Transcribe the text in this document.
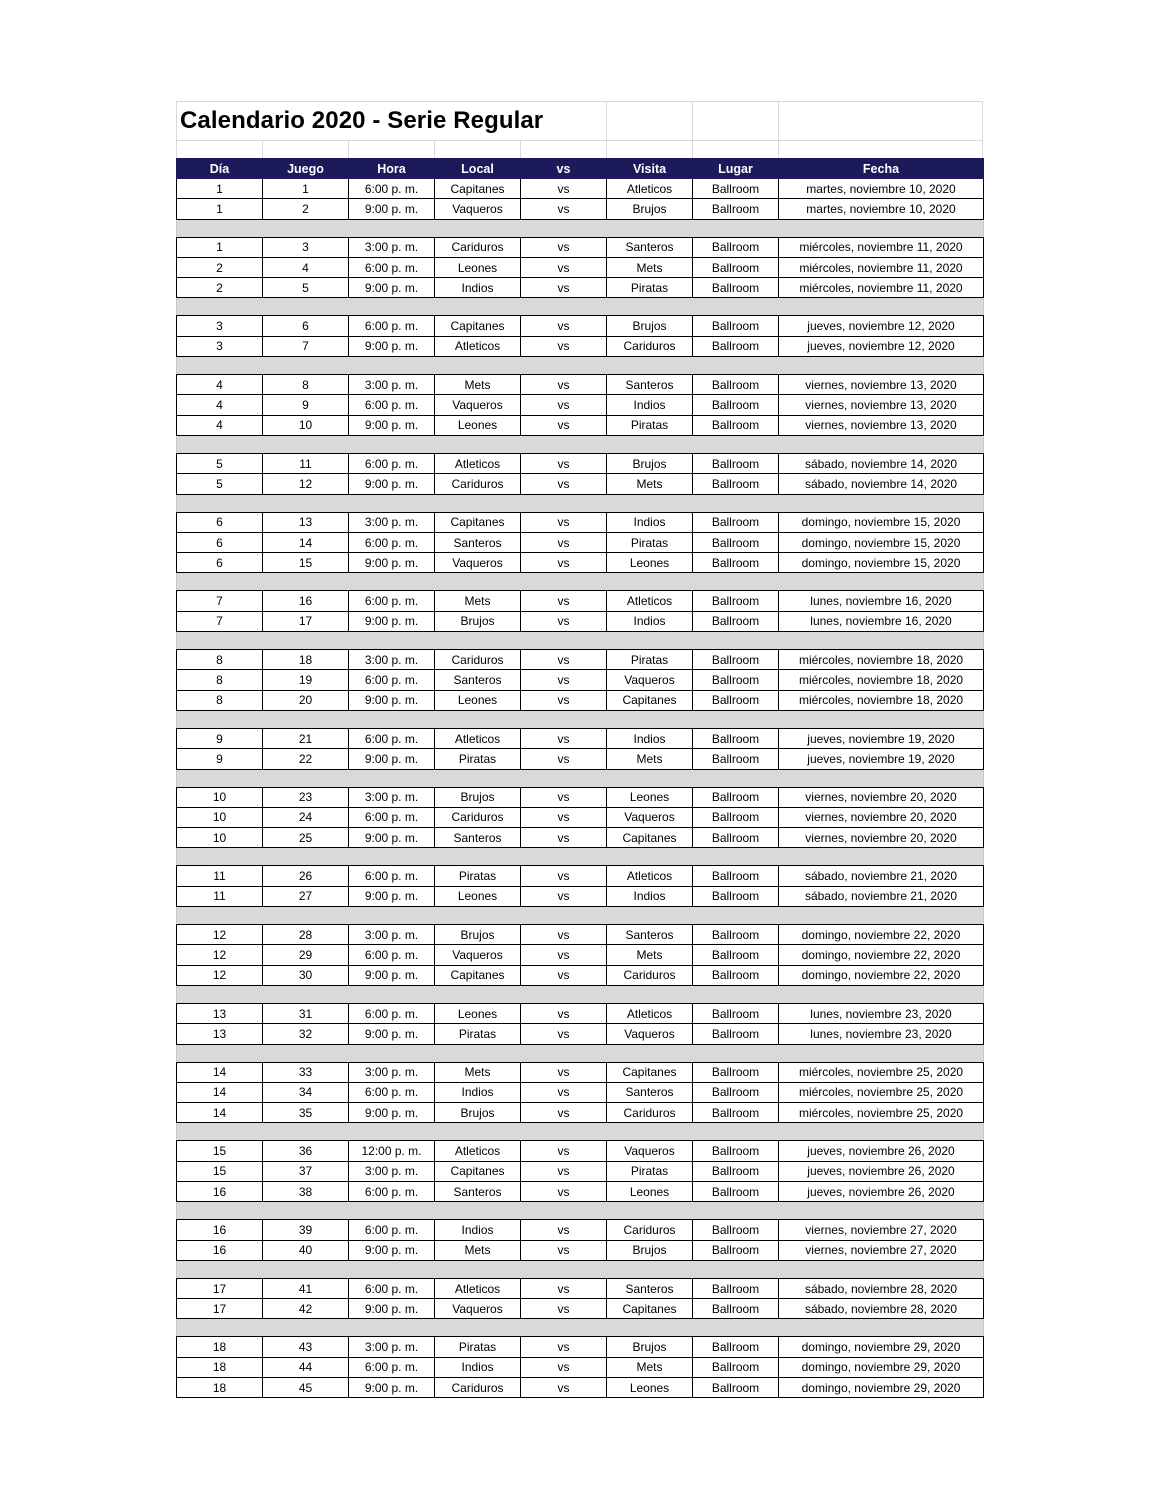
Calendario 2020 - Serie Regular
Día	Juego	Hora	Local	vs	Visita	Lugar	Fecha
1	1	6:00 p. m.	Capitanes	vs	Atleticos	Ballroom	martes, noviembre 10, 2020
1	2	9:00 p. m.	Vaqueros	vs	Brujos	Ballroom	martes, noviembre 10, 2020

1	3	3:00 p. m.	Cariduros	vs	Santeros	Ballroom	miércoles, noviembre 11, 2020
2	4	6:00 p. m.	Leones	vs	Mets	Ballroom	miércoles, noviembre 11, 2020
2	5	9:00 p. m.	Indios	vs	Piratas	Ballroom	miércoles, noviembre 11, 2020

3	6	6:00 p. m.	Capitanes	vs	Brujos	Ballroom	jueves, noviembre 12, 2020
3	7	9:00 p. m.	Atleticos	vs	Cariduros	Ballroom	jueves, noviembre 12, 2020

4	8	3:00 p. m.	Mets	vs	Santeros	Ballroom	viernes, noviembre 13, 2020
4	9	6:00 p. m.	Vaqueros	vs	Indios	Ballroom	viernes, noviembre 13, 2020
4	10	9:00 p. m.	Leones	vs	Piratas	Ballroom	viernes, noviembre 13, 2020

5	11	6:00 p. m.	Atleticos	vs	Brujos	Ballroom	sábado, noviembre 14, 2020
5	12	9:00 p. m.	Cariduros	vs	Mets	Ballroom	sábado, noviembre 14, 2020

6	13	3:00 p. m.	Capitanes	vs	Indios	Ballroom	domingo, noviembre 15, 2020
6	14	6:00 p. m.	Santeros	vs	Piratas	Ballroom	domingo, noviembre 15, 2020
6	15	9:00 p. m.	Vaqueros	vs	Leones	Ballroom	domingo, noviembre 15, 2020

7	16	6:00 p. m.	Mets	vs	Atleticos	Ballroom	lunes, noviembre 16, 2020
7	17	9:00 p. m.	Brujos	vs	Indios	Ballroom	lunes, noviembre 16, 2020

8	18	3:00 p. m.	Cariduros	vs	Piratas	Ballroom	miércoles, noviembre 18, 2020
8	19	6:00 p. m.	Santeros	vs	Vaqueros	Ballroom	miércoles, noviembre 18, 2020
8	20	9:00 p. m.	Leones	vs	Capitanes	Ballroom	miércoles, noviembre 18, 2020

9	21	6:00 p. m.	Atleticos	vs	Indios	Ballroom	jueves, noviembre 19, 2020
9	22	9:00 p. m.	Piratas	vs	Mets	Ballroom	jueves, noviembre 19, 2020

10	23	3:00 p. m.	Brujos	vs	Leones	Ballroom	viernes, noviembre 20, 2020
10	24	6:00 p. m.	Cariduros	vs	Vaqueros	Ballroom	viernes, noviembre 20, 2020
10	25	9:00 p. m.	Santeros	vs	Capitanes	Ballroom	viernes, noviembre 20, 2020

11	26	6:00 p. m.	Piratas	vs	Atleticos	Ballroom	sábado, noviembre 21, 2020
11	27	9:00 p. m.	Leones	vs	Indios	Ballroom	sábado, noviembre 21, 2020

12	28	3:00 p. m.	Brujos	vs	Santeros	Ballroom	domingo, noviembre 22, 2020
12	29	6:00 p. m.	Vaqueros	vs	Mets	Ballroom	domingo, noviembre 22, 2020
12	30	9:00 p. m.	Capitanes	vs	Cariduros	Ballroom	domingo, noviembre 22, 2020

13	31	6:00 p. m.	Leones	vs	Atleticos	Ballroom	lunes, noviembre 23, 2020
13	32	9:00 p. m.	Piratas	vs	Vaqueros	Ballroom	lunes, noviembre 23, 2020

14	33	3:00 p. m.	Mets	vs	Capitanes	Ballroom	miércoles, noviembre 25, 2020
14	34	6:00 p. m.	Indios	vs	Santeros	Ballroom	miércoles, noviembre 25, 2020
14	35	9:00 p. m.	Brujos	vs	Cariduros	Ballroom	miércoles, noviembre 25, 2020

15	36	12:00 p. m.	Atleticos	vs	Vaqueros	Ballroom	jueves, noviembre 26, 2020
15	37	3:00 p. m.	Capitanes	vs	Piratas	Ballroom	jueves, noviembre 26, 2020
16	38	6:00 p. m.	Santeros	vs	Leones	Ballroom	jueves, noviembre 26, 2020

16	39	6:00 p. m.	Indios	vs	Cariduros	Ballroom	viernes, noviembre 27, 2020
16	40	9:00 p. m.	Mets	vs	Brujos	Ballroom	viernes, noviembre 27, 2020

17	41	6:00 p. m.	Atleticos	vs	Santeros	Ballroom	sábado, noviembre 28, 2020
17	42	9:00 p. m.	Vaqueros	vs	Capitanes	Ballroom	sábado, noviembre 28, 2020

18	43	3:00 p. m.	Piratas	vs	Brujos	Ballroom	domingo, noviembre 29, 2020
18	44	6:00 p. m.	Indios	vs	Mets	Ballroom	domingo, noviembre 29, 2020
18	45	9:00 p. m.	Cariduros	vs	Leones	Ballroom	domingo, noviembre 29, 2020
